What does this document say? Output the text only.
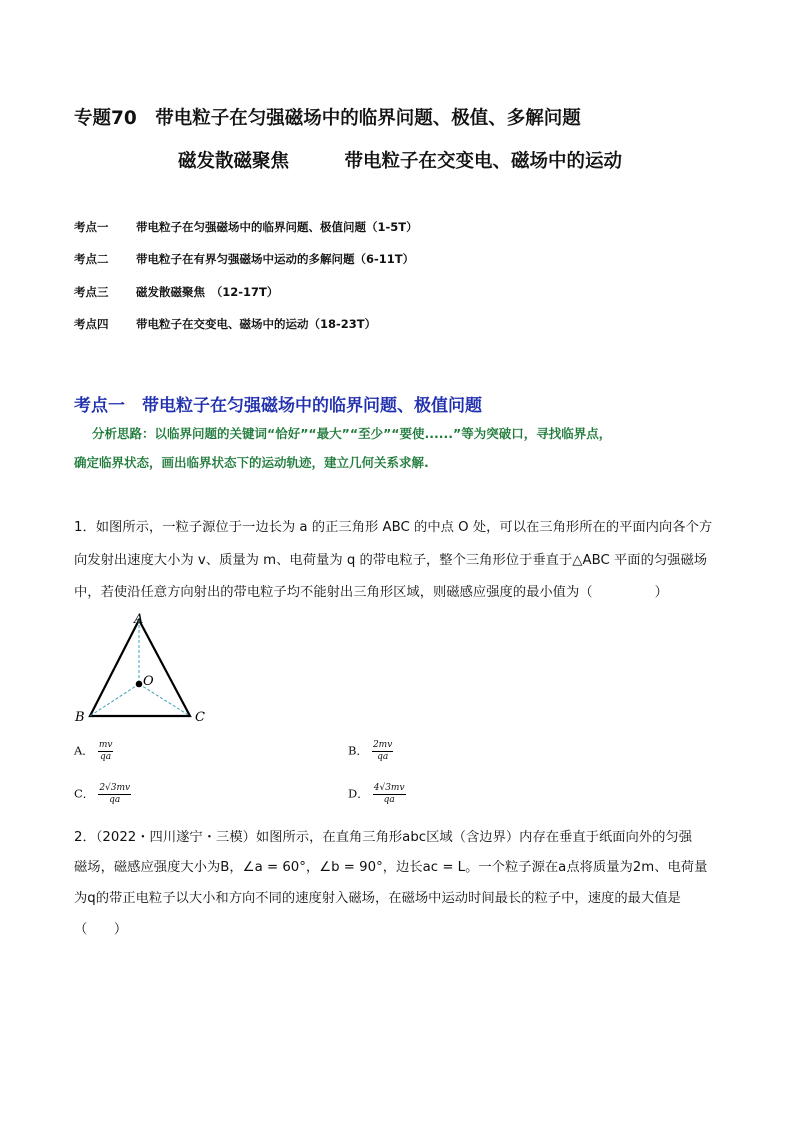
专题70　带电粒子在匀强磁场中的临界问题、极值、多解问题
磁发散磁聚焦　　　带电粒子在交变电、磁场中的运动
考点一 带电粒子在匀强磁场中的临界问题、极值问题（1-5T）
考点二 带电粒子在有界匀强磁场中运动的多解问题（6-11T）
考点三 磁发散磁聚焦　（12-17T）
考点四 带电粒子在交变电、磁场中的运动（18-23T）
考点一　带电粒子在匀强磁场中的临界问题、极值问题
分析思路：以临界问题的关键词“恰好”“最大”“至少”“要使......”等为突破口，寻找临界点，
确定临界状态，画出临界状态下的运动轨迹，建立几何关系求解.
1．如图所示，一粒子源位于一边长为 a 的正三角形 ABC 的中点 O 处，可以在三角形所在的平面内向各个方
向发射出速度大小为 v、质量为 m、电荷量为 q 的带电粒子，整个三角形位于垂直于△ABC 平面的匀强磁场
中，若使沿任意方向射出的带电粒子均不能射出三角形区域，则磁感应强度的最小值为（	）
A
O
B	C
A． $\frac{mv}{qa}$	B． $\frac{2mv}{qa}$
C． $\frac{2√3mv}{qa}$	D． $\frac{4√3mv}{qa}$
2．（2022・四川遂宁・三模）如图所示，在直角三角形abc区域（含边界）内存在垂直于纸面向外的匀强
磁场，磁感应强度大小为B，∠a = 60°，∠b = 90°，边长ac = L。一个粒子源在a点将质量为2m、电荷量
为q的带正电粒子以大小和方向不同的速度射入磁场，在磁场中运动时间最长的粒子中，速度的最大值是
（　　）
